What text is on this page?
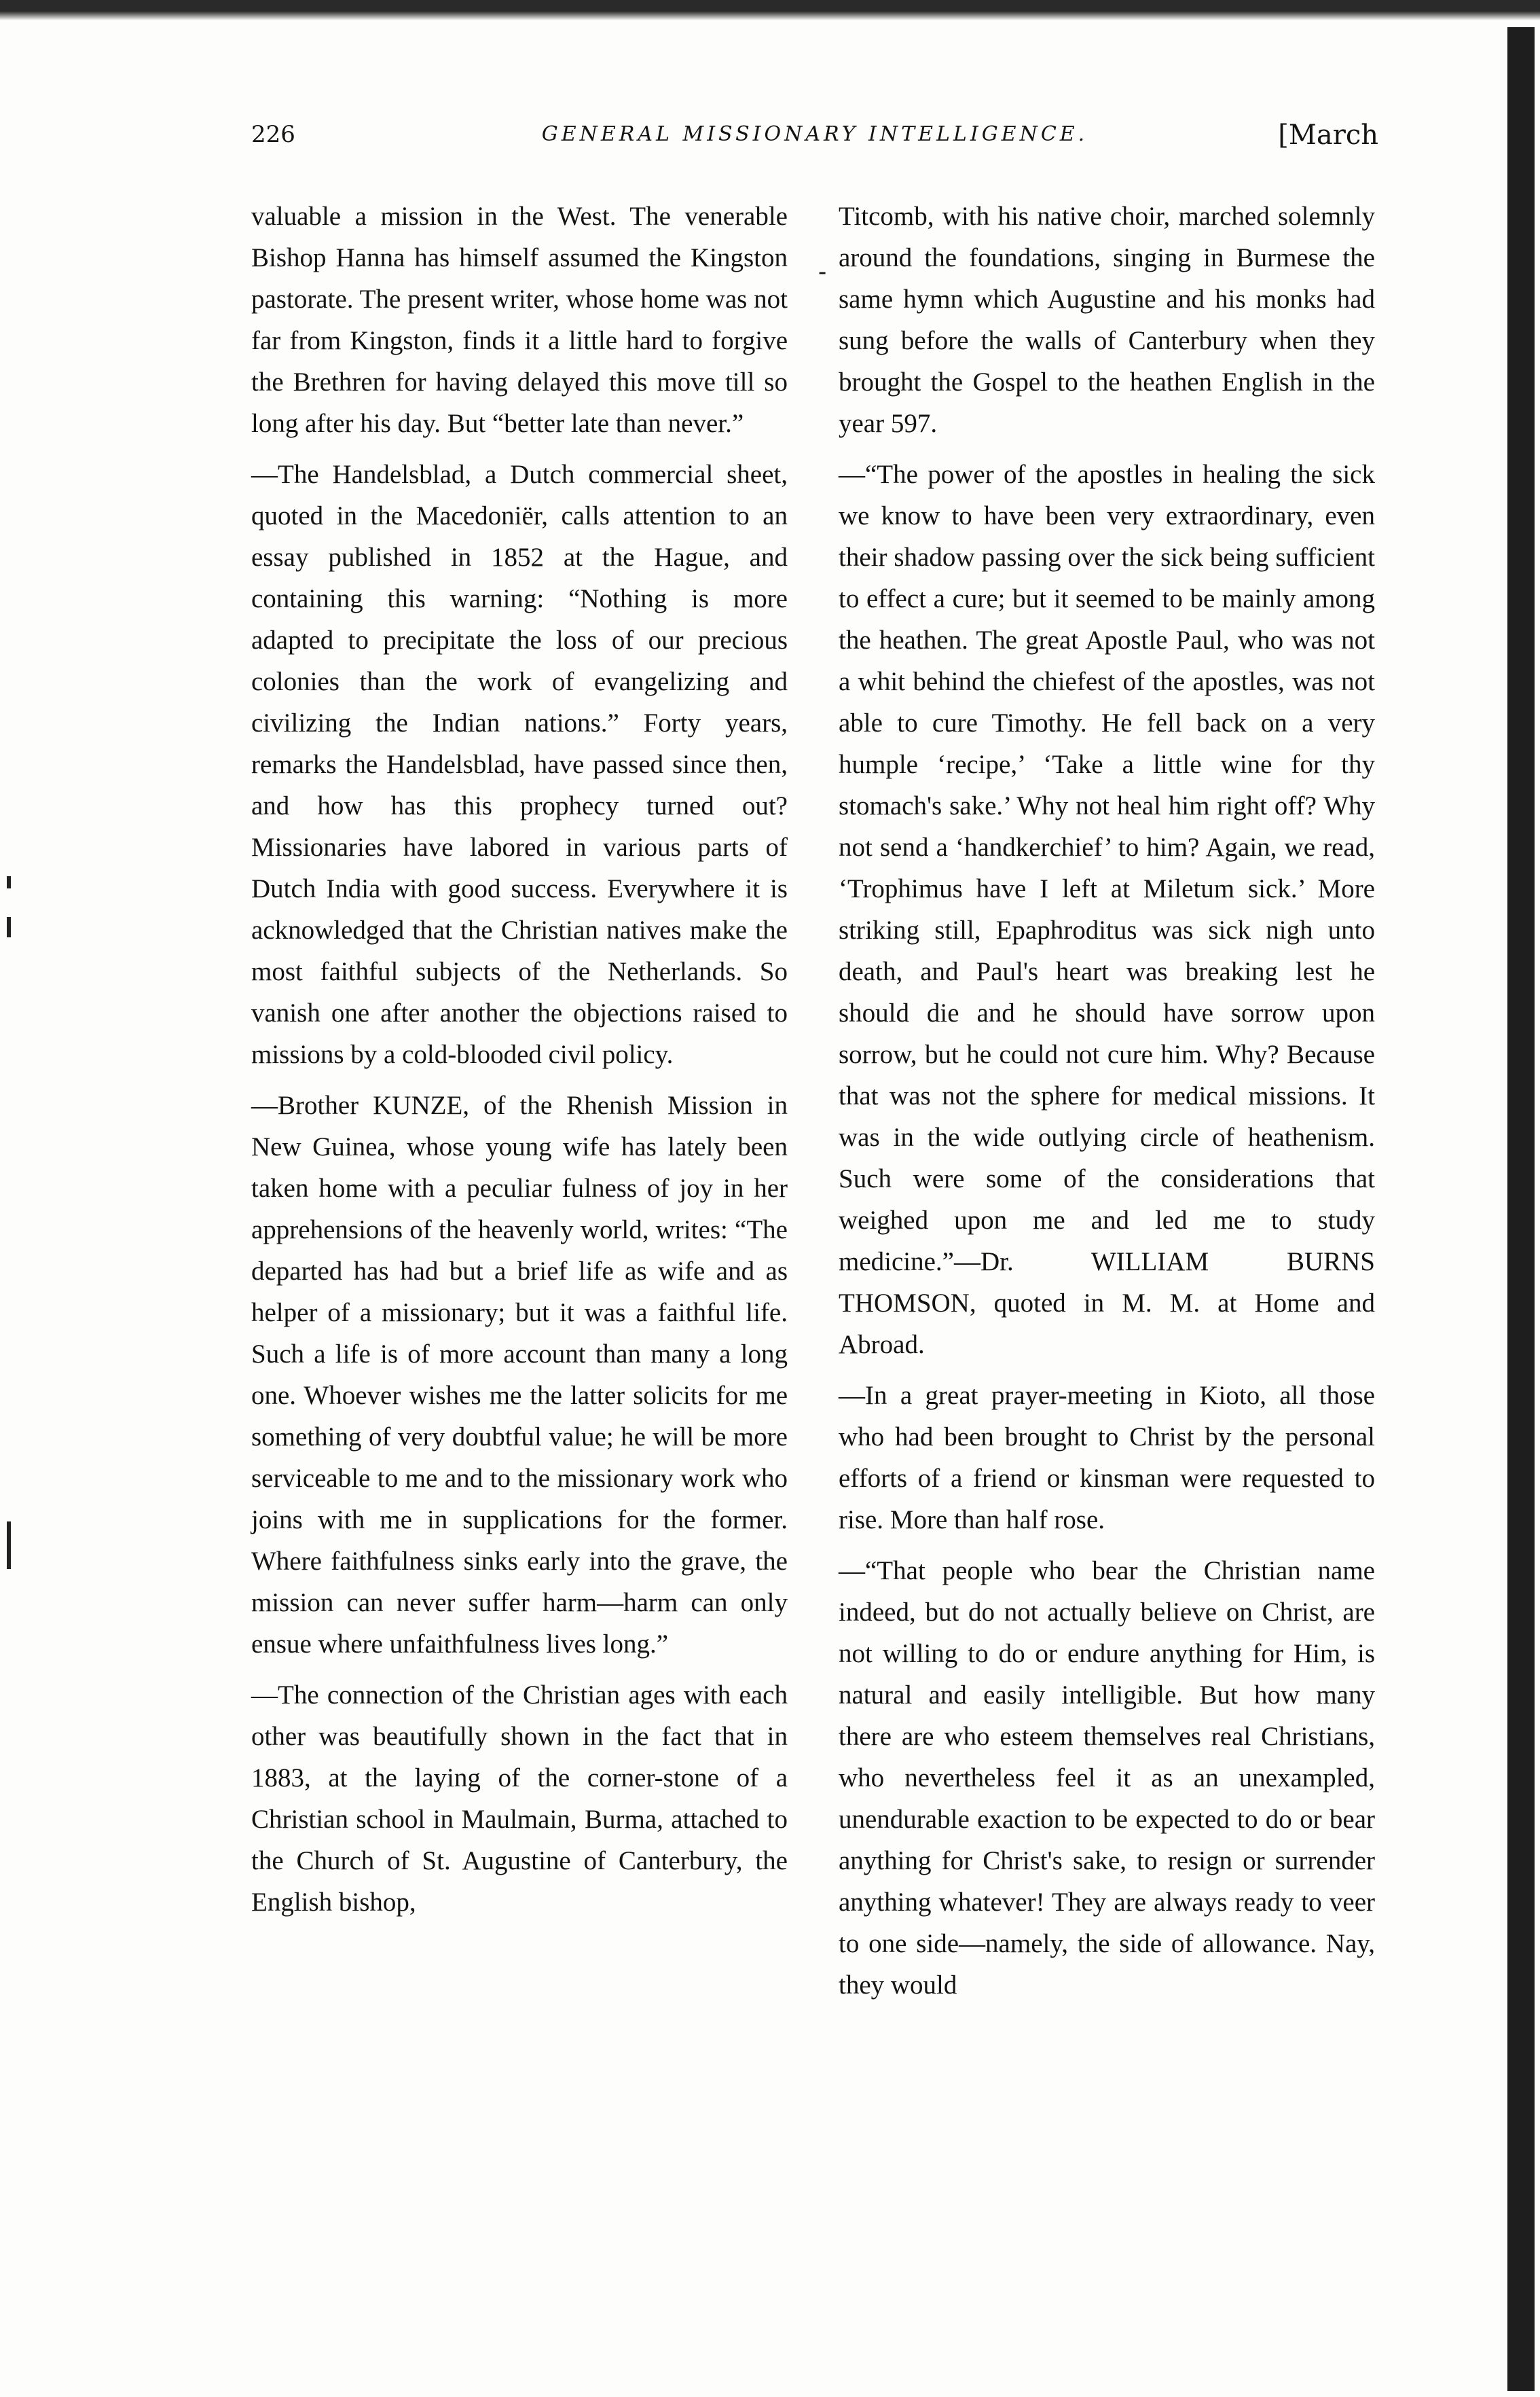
226	GENERAL MISSIONARY INTELLIGENCE.	[March
-

valuable a mission in the West. The venerable Bishop Hanna has himself assumed the Kingston pastorate. The present writer, whose home was not far from Kingston, finds it a little hard to forgive the Brethren for having delayed this move till so long after his day. But “better late than never.”

—The Handelsblad, a Dutch commercial sheet, quoted in the Macedoniër, calls attention to an essay published in 1852 at the Hague, and containing this warning: “Nothing is more adapted to precipitate the loss of our precious colonies than the work of evangelizing and civilizing the Indian nations.” Forty years, remarks the Handelsblad, have passed since then, and how has this prophecy turned out? Missionaries have labored in various parts of Dutch India with good success. Everywhere it is acknowledged that the Christian natives make the most faithful subjects of the Netherlands. So vanish one after another the objections raised to missions by a cold-blooded civil policy.

—Brother KUNZE, of the Rhenish Mission in New Guinea, whose young wife has lately been taken home with a peculiar fulness of joy in her apprehensions of the heavenly world, writes: “The departed has had but a brief life as wife and as helper of a missionary; but it was a faithful life. Such a life is of more account than many a long one. Whoever wishes me the latter solicits for me something of very doubtful value; he will be more serviceable to me and to the missionary work who joins with me in supplications for the former. Where faithfulness sinks early into the grave, the mission can never suffer harm—harm can only ensue where unfaithfulness lives long.”

—The connection of the Christian ages with each other was beautifully shown in the fact that in 1883, at the laying of the corner-stone of a Christian school in Maulmain, Burma, attached to the Church of St. Augustine of Canterbury, the English bishop,

Titcomb, with his native choir, marched solemnly around the foundations, singing in Burmese the same hymn which Augustine and his monks had sung before the walls of Canterbury when they brought the Gospel to the heathen English in the year 597.

—“The power of the apostles in healing the sick we know to have been very extraordinary, even their shadow passing over the sick being sufficient to effect a cure; but it seemed to be mainly among the heathen. The great Apostle Paul, who was not a whit behind the chiefest of the apostles, was not able to cure Timothy. He fell back on a very humple ‘recipe,’ ‘Take a little wine for thy stomach's sake.’ Why not heal him right off? Why not send a ‘handkerchief’ to him? Again, we read, ‘Trophimus have I left at Miletum sick.’ More striking still, Epaphroditus was sick nigh unto death, and Paul's heart was breaking lest he should die and he should have sorrow upon sorrow, but he could not cure him. Why? Because that was not the sphere for medical missions. It was in the wide outlying circle of heathenism. Such were some of the considerations that weighed upon me and led me to study medicine.”—Dr. WILLIAM BURNS THOMSON, quoted in M. M. at Home and Abroad.

—In a great prayer-meeting in Kioto, all those who had been brought to Christ by the personal efforts of a friend or kinsman were requested to rise. More than half rose.

—“That people who bear the Christian name indeed, but do not actually believe on Christ, are not willing to do or endure anything for Him, is natural and easily intelligible. But how many there are who esteem themselves real Christians, who nevertheless feel it as an unexampled, unendurable exaction to be expected to do or bear anything for Christ's sake, to resign or surrender anything whatever! They are always ready to veer to one side—namely, the side of allowance. Nay, they would
